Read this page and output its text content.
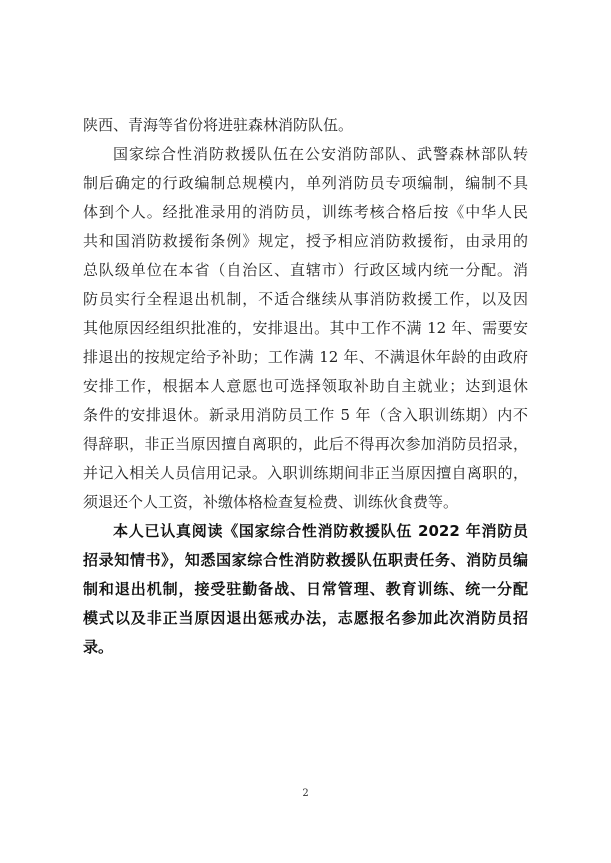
陕西、青海等省份将进驻森林消防队伍。
国家综合性消防救援队伍在公安消防部队、武警森林部队转
制后确定的行政编制总规模内，单列消防员专项编制，编制不具
体到个人。经批准录用的消防员，训练考核合格后按《中华人民
共和国消防救援衔条例》规定，授予相应消防救援衔，由录用的
总队级单位在本省（自治区、直辖市）行政区域内统一分配。消
防员实行全程退出机制，不适合继续从事消防救援工作，以及因
其他原因经组织批准的，安排退出。其中工作不满 12 年、需要安
排退出的按规定给予补助；工作满 12 年、不满退休年龄的由政府
安排工作，根据本人意愿也可选择领取补助自主就业；达到退休
条件的安排退休。新录用消防员工作 5 年（含入职训练期）内不
得辞职，非正当原因擅自离职的，此后不得再次参加消防员招录，
并记入相关人员信用记录。入职训练期间非正当原因擅自离职的，
须退还个人工资，补缴体格检查复检费、训练伙食费等。
本人已认真阅读《国家综合性消防救援队伍 2022 年消防员
招录知情书》，知悉国家综合性消防救援队伍职责任务、消防员编
制和退出机制，接受驻勤备战、日常管理、教育训练、统一分配
模式以及非正当原因退出惩戒办法，志愿报名参加此次消防员招
录。
2
